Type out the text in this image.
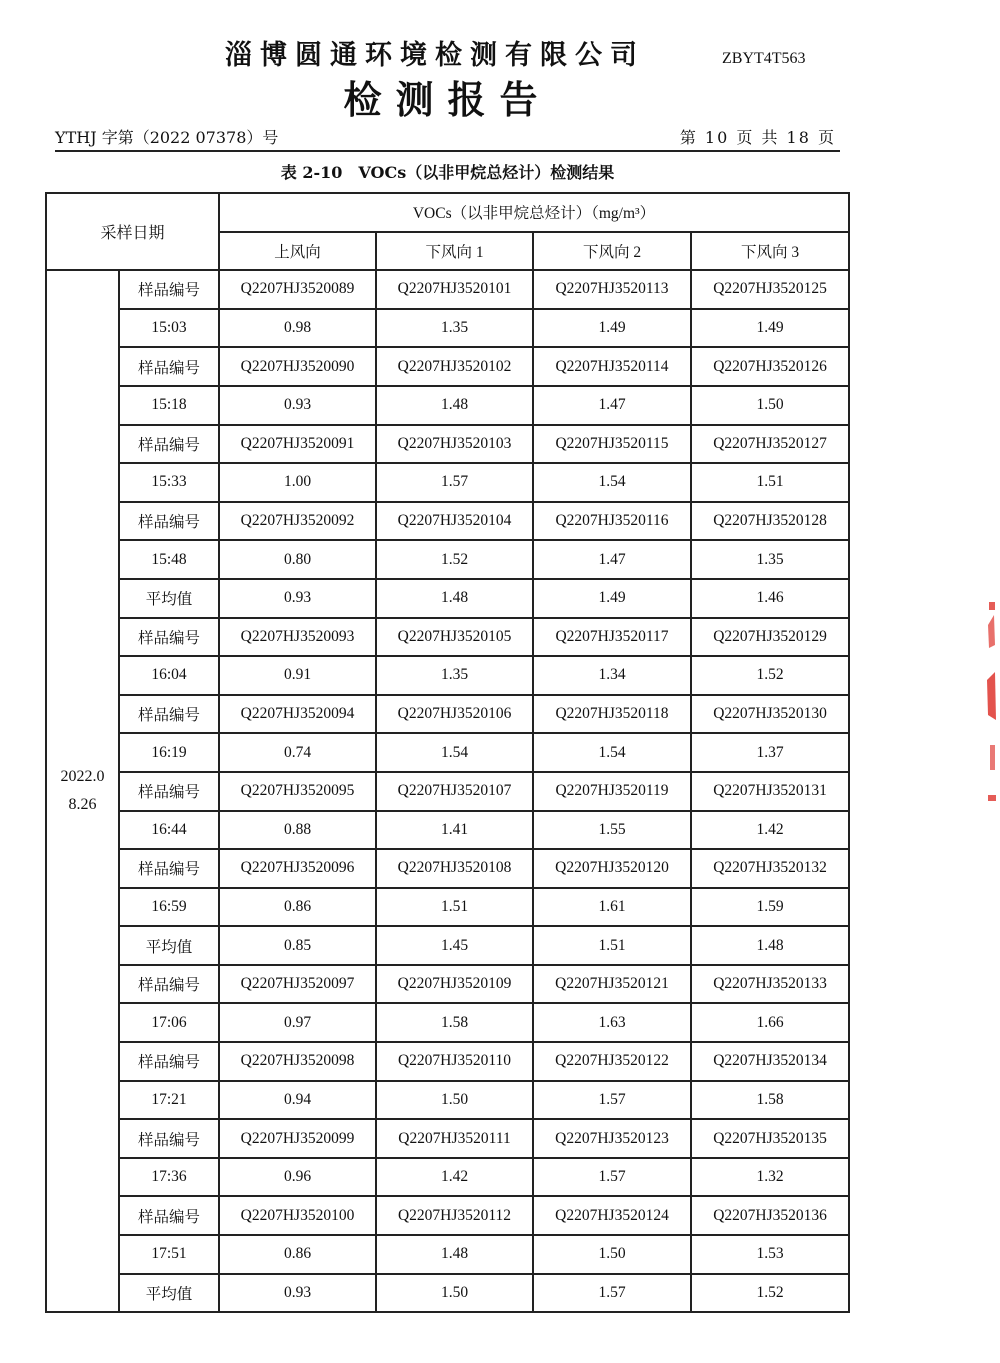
淄博圆通环境检测有限公司	ZBYT4T563
检测报告
YTHJ 字第（2022 07378）号	第 10 页 共 18 页
表 2-10　VOCs（以非甲烷总烃计）检测结果
采样日期		VOCs（以非甲烷总烃计）（mg/m³）			
		上风向	下风向 1	下风向 2	下风向 3
2022.0 8.26	样品编号	Q2207HJ3520089	Q2207HJ3520101	Q2207HJ3520113	Q2207HJ3520125
	15:03	0.98	1.35	1.49	1.49
	样品编号	Q2207HJ3520090	Q2207HJ3520102	Q2207HJ3520114	Q2207HJ3520126
	15:18	0.93	1.48	1.47	1.50
	样品编号	Q2207HJ3520091	Q2207HJ3520103	Q2207HJ3520115	Q2207HJ3520127
	15:33	1.00	1.57	1.54	1.51
	样品编号	Q2207HJ3520092	Q2207HJ3520104	Q2207HJ3520116	Q2207HJ3520128
	15:48	0.80	1.52	1.47	1.35
	平均值	0.93	1.48	1.49	1.46
	样品编号	Q2207HJ3520093	Q2207HJ3520105	Q2207HJ3520117	Q2207HJ3520129
	16:04	0.91	1.35	1.34	1.52
	样品编号	Q2207HJ3520094	Q2207HJ3520106	Q2207HJ3520118	Q2207HJ3520130
	16:19	0.74	1.54	1.54	1.37
	样品编号	Q2207HJ3520095	Q2207HJ3520107	Q2207HJ3520119	Q2207HJ3520131
	16:44	0.88	1.41	1.55	1.42
	样品编号	Q2207HJ3520096	Q2207HJ3520108	Q2207HJ3520120	Q2207HJ3520132
	16:59	0.86	1.51	1.61	1.59
	平均值	0.85	1.45	1.51	1.48
	样品编号	Q2207HJ3520097	Q2207HJ3520109	Q2207HJ3520121	Q2207HJ3520133
	17:06	0.97	1.58	1.63	1.66
	样品编号	Q2207HJ3520098	Q2207HJ3520110	Q2207HJ3520122	Q2207HJ3520134
	17:21	0.94	1.50	1.57	1.58
	样品编号	Q2207HJ3520099	Q2207HJ3520111	Q2207HJ3520123	Q2207HJ3520135
	17:36	0.96	1.42	1.57	1.32
	样品编号	Q2207HJ3520100	Q2207HJ3520112	Q2207HJ3520124	Q2207HJ3520136
	17:51	0.86	1.48	1.50	1.53
	平均值	0.93	1.50	1.57	1.52
